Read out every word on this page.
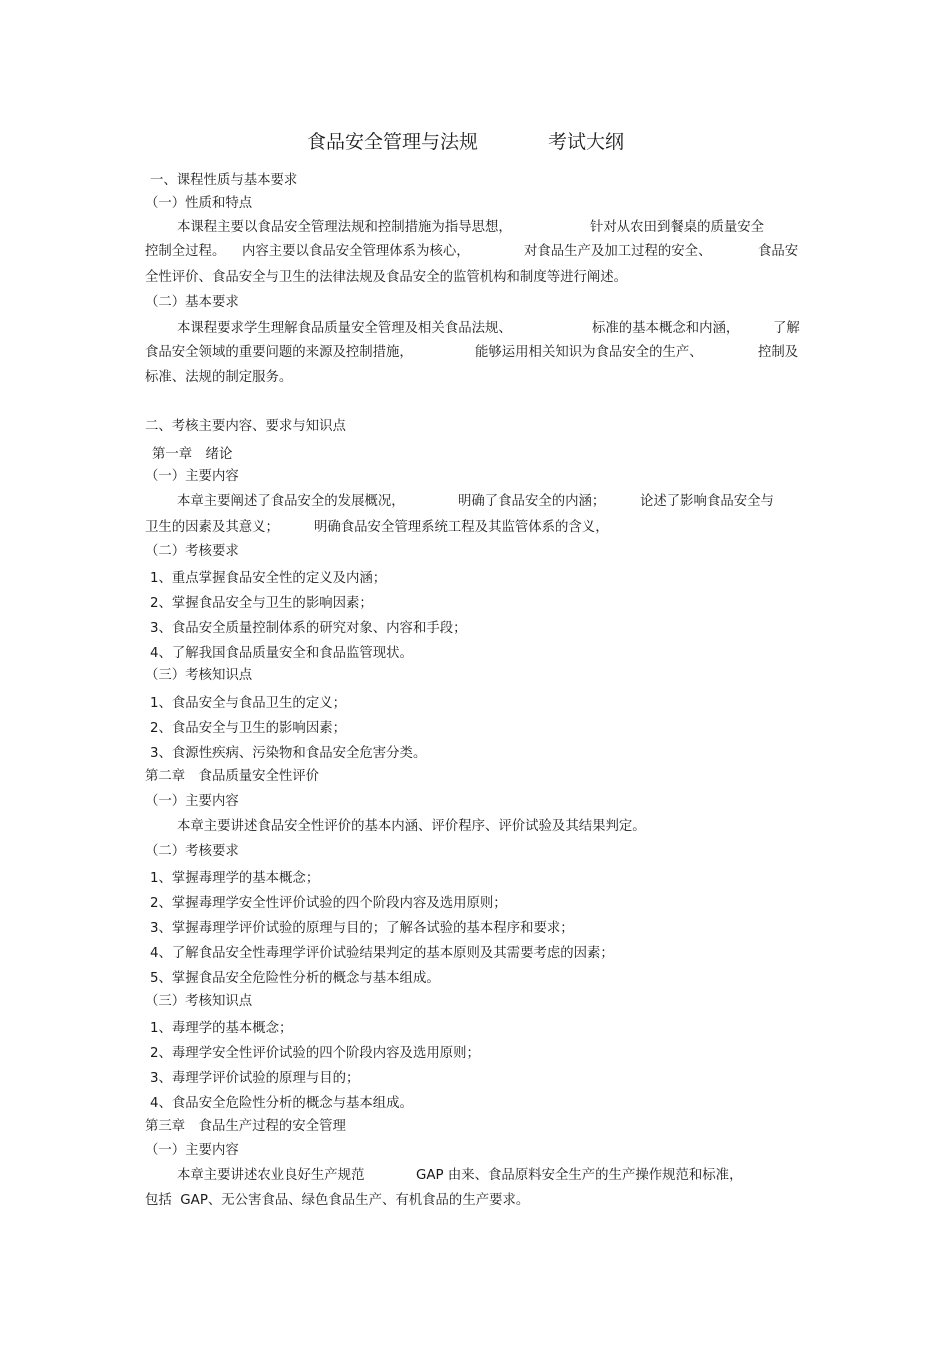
食品安全管理与法规	考试大纲
一、课程性质与基本要求
（一）性质和特点
本课程主要以食品安全管理法规和控制措施为指导思想，	针对从农田到餐桌的质量安全
控制全过程。 内容主要以食品安全管理体系为核心，	对食品生产及加工过程的安全、	食品安
全性评价、食品安全与卫生的法律法规及食品安全的监管机构和制度等进行阐述。
（二）基本要求
本课程要求学生理解食品质量安全管理及相关食品法规、	标准的基本概念和内涵，	了解
食品安全领域的重要问题的来源及控制措施，	能够运用相关知识为食品安全的生产、	控制及
标准、法规的制定服务。
二、考核主要内容、要求与知识点
第一章　绪论
（一）主要内容
本章主要阐述了食品安全的发展概况，	明确了食品安全的内涵；	论述了影响食品安全与
卫生的因素及其意义；	明确食品安全管理系统工程及其监管体系的含义，
（二）考核要求
1、重点掌握食品安全性的定义及内涵；
2、掌握食品安全与卫生的影响因素；
3、食品安全质量控制体系的研究对象、内容和手段；
4、了解我国食品质量安全和食品监管现状。
（三）考核知识点
1、食品安全与食品卫生的定义；
2、食品安全与卫生的影响因素；
3、食源性疾病、污染物和食品安全危害分类。
第二章　食品质量安全性评价
（一）主要内容
本章主要讲述食品安全性评价的基本内涵、评价程序、评价试验及其结果判定。
（二）考核要求
1、掌握毒理学的基本概念；
2、掌握毒理学安全性评价试验的四个阶段内容及选用原则；
3、掌握毒理学评价试验的原理与目的；了解各试验的基本程序和要求；
4、了解食品安全性毒理学评价试验结果判定的基本原则及其需要考虑的因素；
5、掌握食品安全危险性分析的概念与基本组成。
（三）考核知识点
1、毒理学的基本概念；
2、毒理学安全性评价试验的四个阶段内容及选用原则；
3、毒理学评价试验的原理与目的；
4、食品安全危险性分析的概念与基本组成。
第三章　食品生产过程的安全管理
（一）主要内容
本章主要讲述农业良好生产规范	GAP 由来、食品原料安全生产的生产操作规范和标准，
包括  GAP、无公害食品、绿色食品生产、有机食品的生产要求。
